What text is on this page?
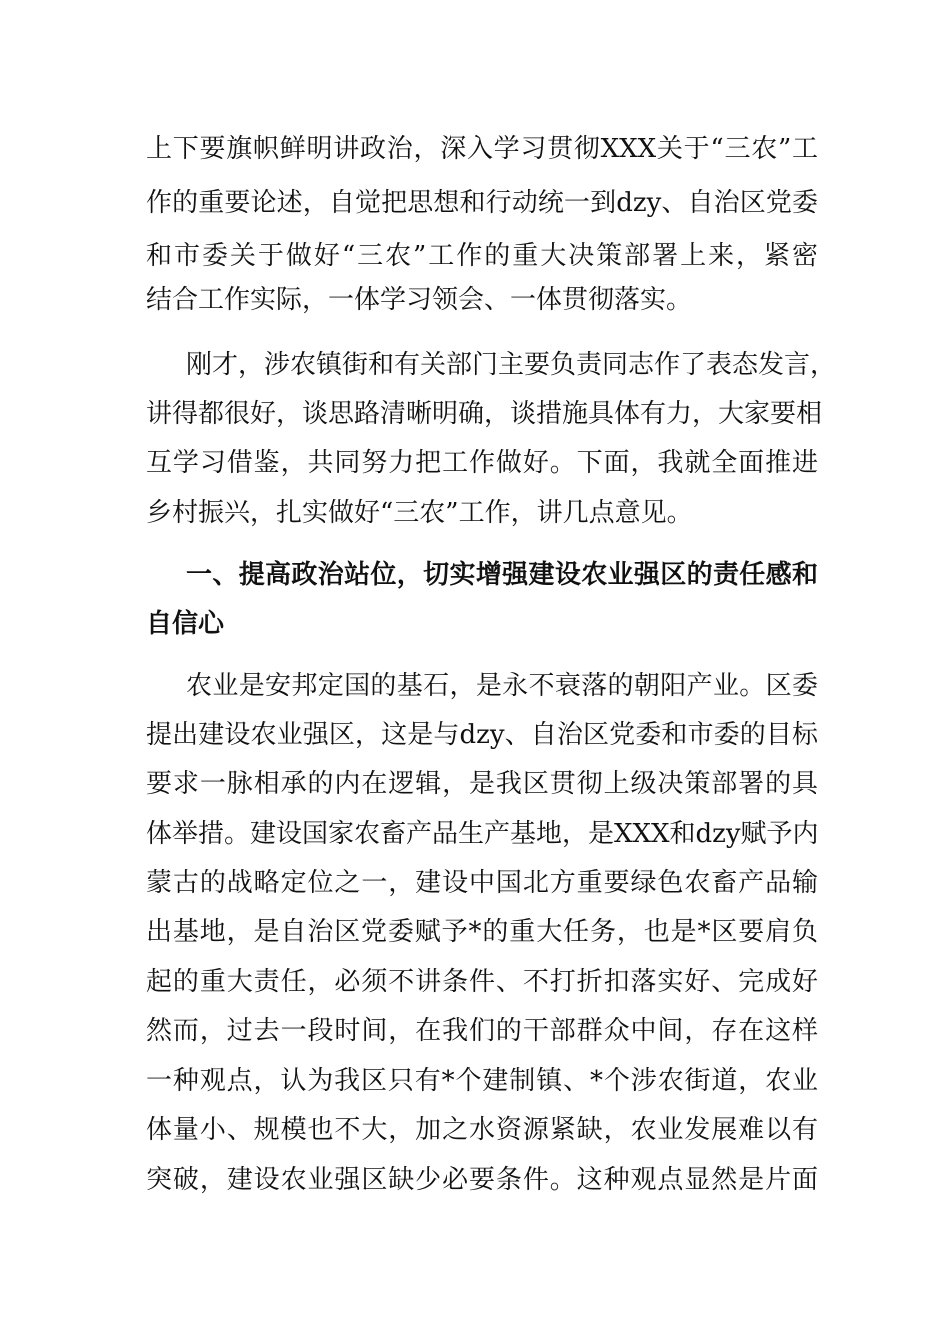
上下要旗帜鲜明讲政治，深入学习贯彻XXX关于“三农”工
作的重要论述，自觉把思想和行动统一到dzy、自治区党委
和市委关于做好“三农”工作的重大决策部署上来，紧密
结合工作实际，一体学习领会、一体贯彻落实。
刚才，涉农镇街和有关部门主要负责同志作了表态发言，
讲得都很好，谈思路清晰明确，谈措施具体有力，大家要相
互学习借鉴，共同努力把工作做好。下面，我就全面推进
乡村振兴，扎实做好“三农”工作，讲几点意见。
一、提高政治站位，切实增强建设农业强区的责任感和
自信心
农业是安邦定国的基石，是永不衰落的朝阳产业。区委
提出建设农业强区，这是与dzy、自治区党委和市委的目标
要求一脉相承的内在逻辑，是我区贯彻上级决策部署的具
体举措。建设国家农畜产品生产基地，是XXX和dzy赋予内
蒙古的战略定位之一，建设中国北方重要绿色农畜产品输
出基地，是自治区党委赋予*的重大任务，也是*区要肩负
起的重大责任，必须不讲条件、不打折扣落实好、完成好
然而，过去一段时间，在我们的干部群众中间，存在这样
一种观点，认为我区只有*个建制镇、*个涉农街道，农业
体量小、规模也不大，加之水资源紧缺，农业发展难以有
突破，建设农业强区缺少必要条件。这种观点显然是片面
